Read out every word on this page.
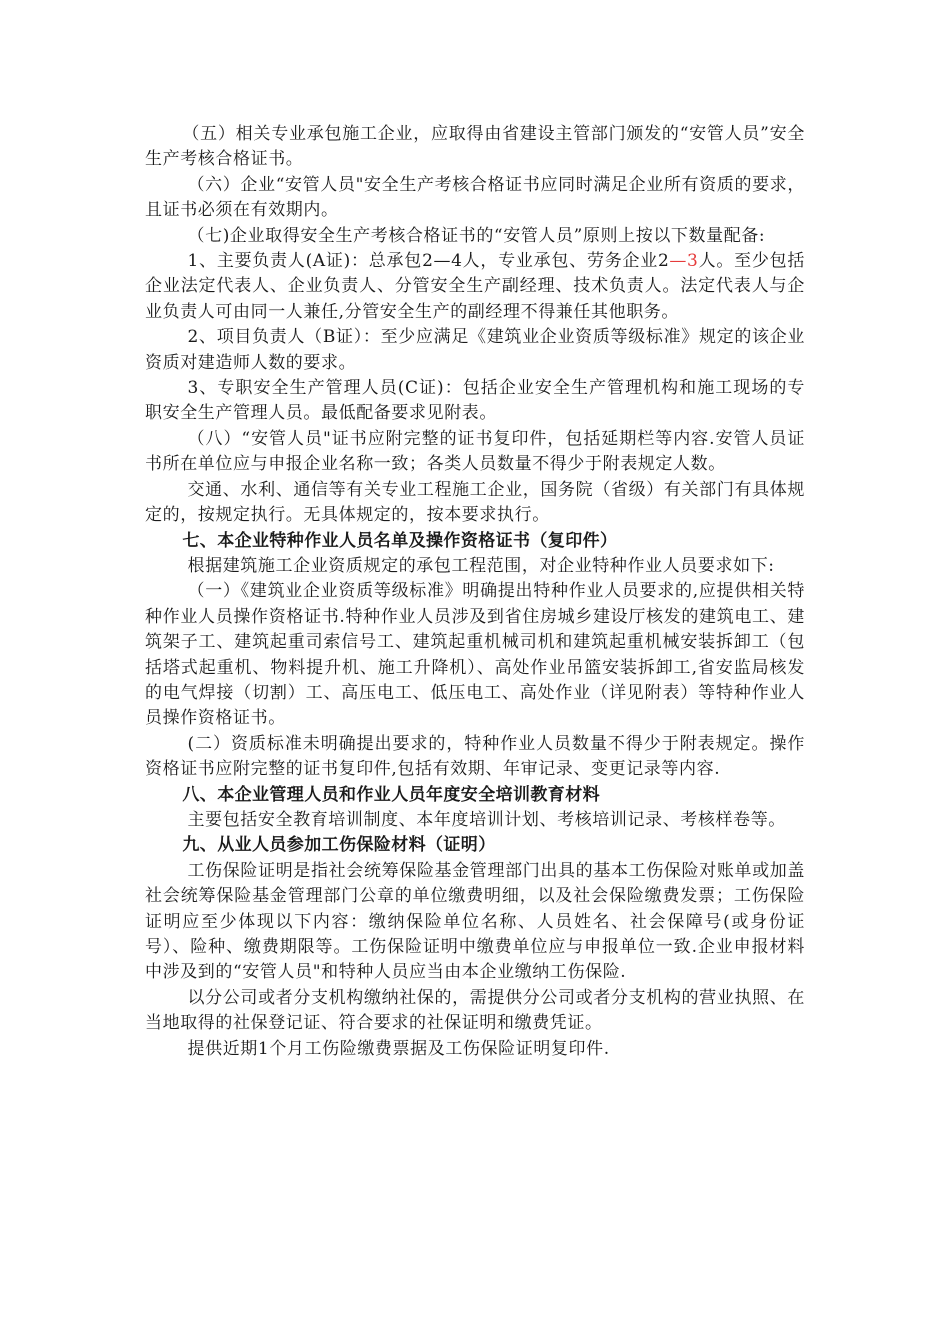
（五）相关专业承包施工企业，应取得由省建设主管部门颁发的“安管人员”安全生产考核合格证书。

（六）企业“安管人员"安全生产考核合格证书应同时满足企业所有资质的要求，且证书必须在有效期内。

（七)企业取得安全生产考核合格证书的“安管人员”原则上按以下数量配备:

1、主要负责人(A证)：总承包2—4人，专业承包、劳务企业2—3人。至少包括企业法定代表人、企业负责人、分管安全生产副经理、技术负责人。法定代表人与企业负责人可由同一人兼任,分管安全生产的副经理不得兼任其他职务。

2、项目负责人（B证）：至少应满足《建筑业企业资质等级标准》规定的该企业资质对建造师人数的要求。

3、专职安全生产管理人员(C证)：包括企业安全生产管理机构和施工现场的专职安全生产管理人员。最低配备要求见附表。

（八）“安管人员"证书应附完整的证书复印件，包括延期栏等内容.安管人员证书所在单位应与申报企业名称一致；各类人员数量不得少于附表规定人数。

交通、水利、通信等有关专业工程施工企业，国务院（省级）有关部门有具体规定的，按规定执行。无具体规定的，按本要求执行。

七、本企业特种作业人员名单及操作资格证书（复印件）

根据建筑施工企业资质规定的承包工程范围，对企业特种作业人员要求如下:

（一）《建筑业企业资质等级标准》明确提出特种作业人员要求的,应提供相关特种作业人员操作资格证书.特种作业人员涉及到省住房城乡建设厅核发的建筑电工、建筑架子工、建筑起重司索信号工、建筑起重机械司机和建筑起重机械安装拆卸工（包括塔式起重机、物料提升机、施工升降机）、高处作业吊篮安装拆卸工,省安监局核发的电气焊接（切割）工、高压电工、低压电工、高处作业（详见附表）等特种作业人员操作资格证书。

(二）资质标准未明确提出要求的，特种作业人员数量不得少于附表规定。操作资格证书应附完整的证书复印件,包括有效期、年审记录、变更记录等内容.

八、本企业管理人员和作业人员年度安全培训教育材料

主要包括安全教育培训制度、本年度培训计划、考核培训记录、考核样卷等。

九、从业人员参加工伤保险材料（证明）

工伤保险证明是指社会统筹保险基金管理部门出具的基本工伤保险对账单或加盖社会统筹保险基金管理部门公章的单位缴费明细，以及社会保险缴费发票；工伤保险证明应至少体现以下内容：缴纳保险单位名称、人员姓名、社会保障号(或身份证号）、险种、缴费期限等。工伤保险证明中缴费单位应与申报单位一致.企业申报材料中涉及到的“安管人员"和特种人员应当由本企业缴纳工伤保险.

以分公司或者分支机构缴纳社保的，需提供分公司或者分支机构的营业执照、在当地取得的社保登记证、符合要求的社保证明和缴费凭证。

提供近期1个月工伤险缴费票据及工伤保险证明复印件.
